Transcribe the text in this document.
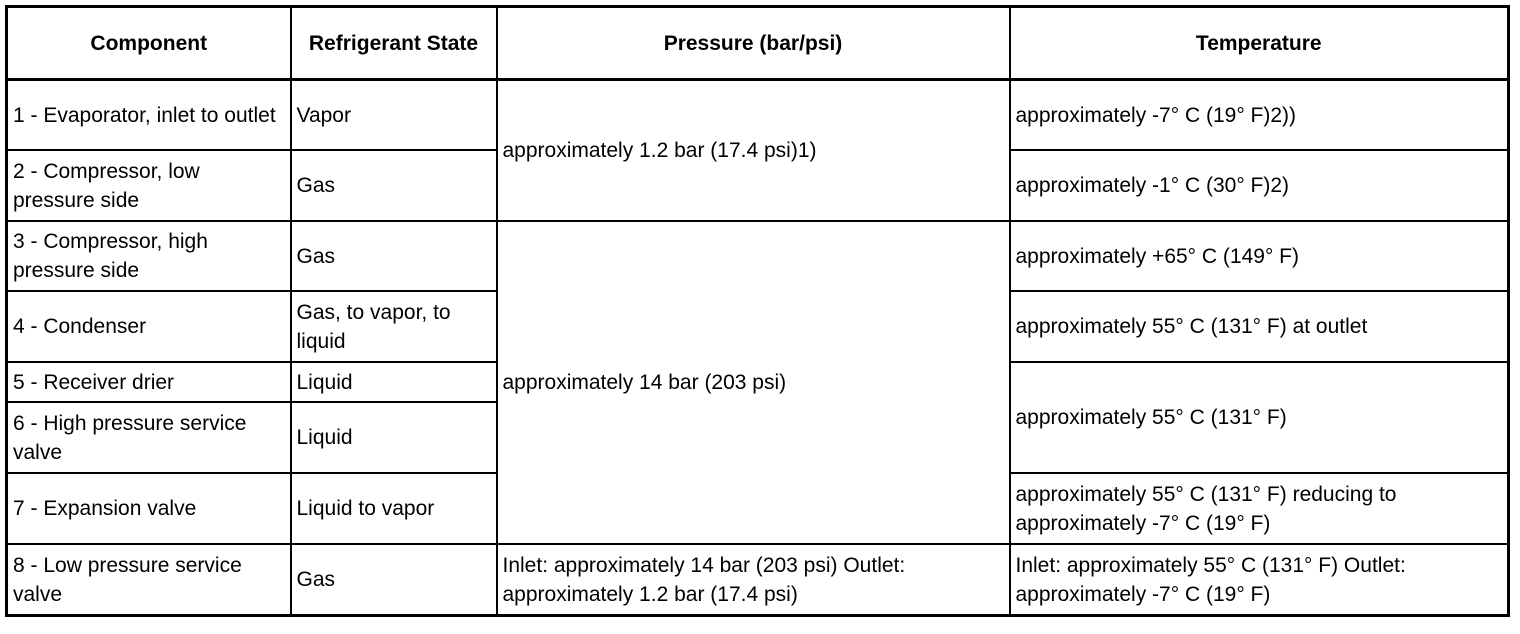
Component	Refrigerant State	Pressure (bar/psi)	Temperature
1 - Evaporator, inlet to outlet	Vapor	approximately 1.2 bar (17.4 psi)1)	approximately -7° C (19° F)2))
2 - Compressor, low pressure side	Gas		approximately -1° C (30° F)2)
3 - Compressor, high pressure side	Gas	approximately 14 bar (203 psi)	approximately +65° C (149° F)
4 - Condenser	Gas, to vapor, to liquid		approximately 55° C (131° F) at outlet
5 - Receiver drier	Liquid		approximately 55° C (131° F)
6 - High pressure service valve	Liquid		
7 - Expansion valve	Liquid to vapor		approximately 55° C (131° F) reducing to approximately -7° C (19° F)
8 - Low pressure service valve	Gas	Inlet: approximately 14 bar (203 psi) Outlet: approximately 1.2 bar (17.4 psi)	Inlet: approximately 55° C (131° F) Outlet: approximately -7° C (19° F)
